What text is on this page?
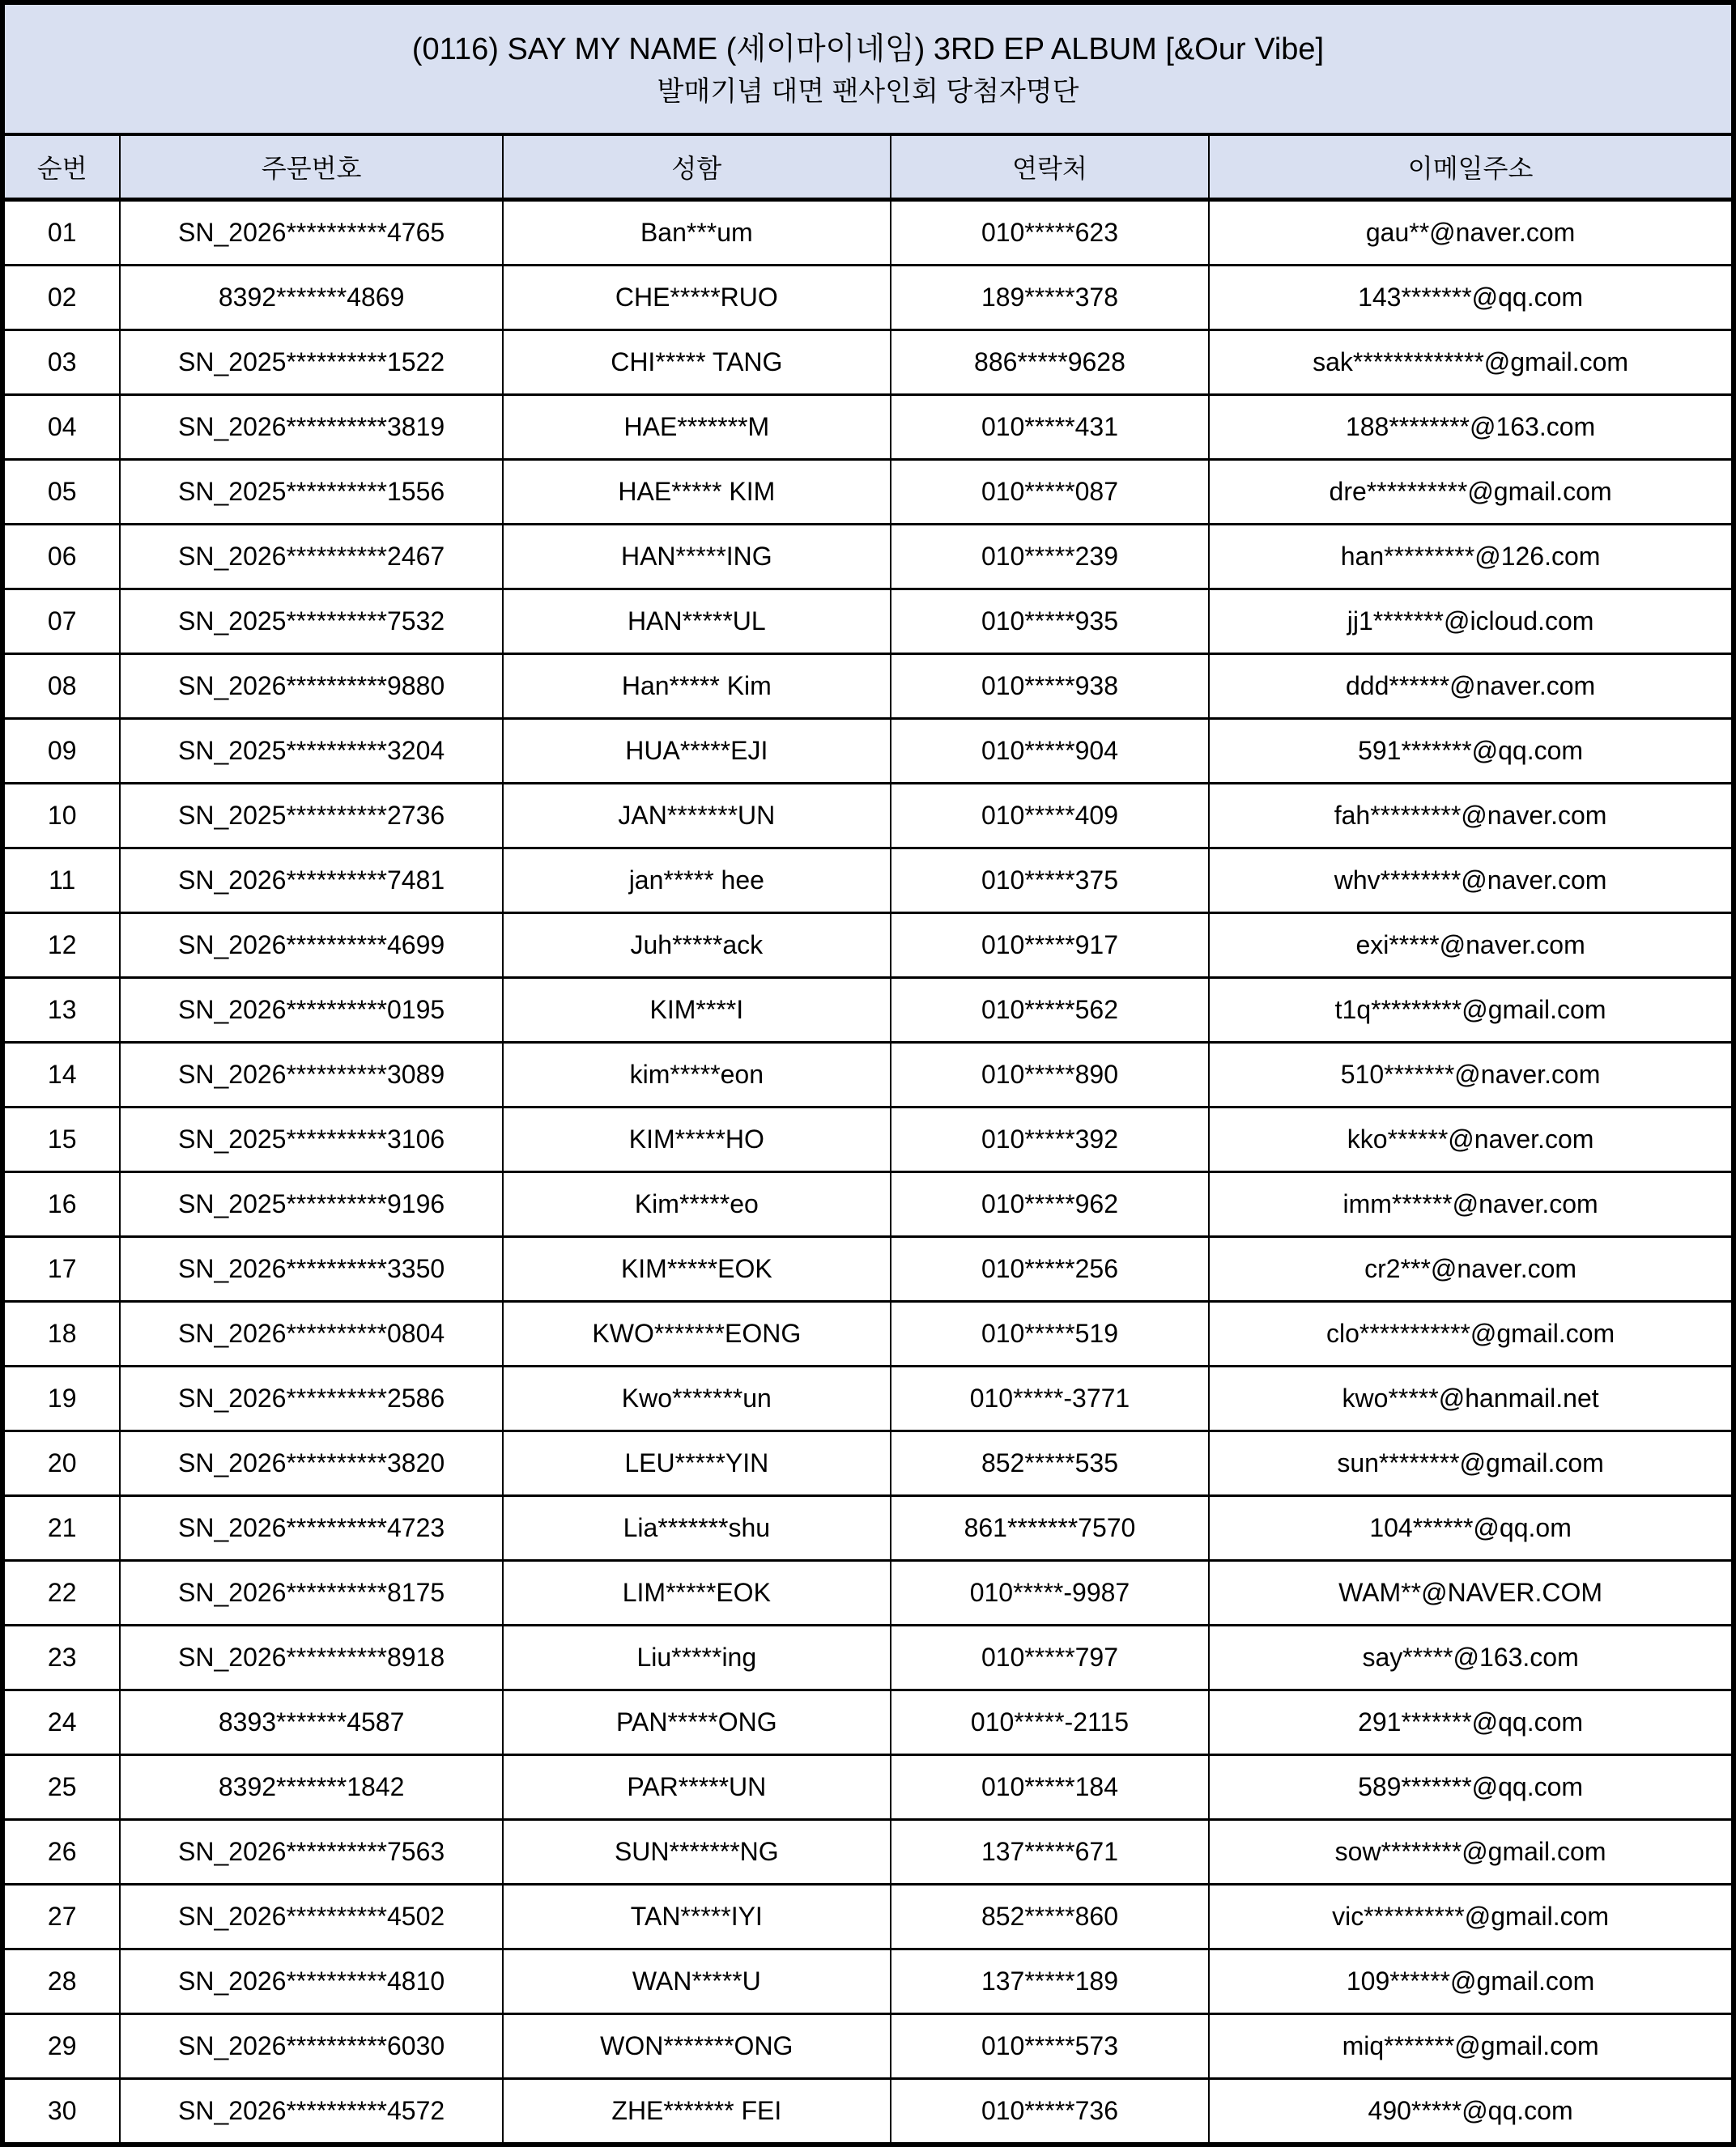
(0116) SAY MY NAME (세이마이네임) 3RD EP ALBUM [&Our Vibe]
발매기념 대면 팬사인회 당첨자명단				

순번	주문번호	성함	연락처	이메일주소
01	SN_2026**********4765	Ban***um	010*****623	gau**@naver.com
02	8392*******4869	CHE*****RUO	189*****378	143*******@qq.com
03	SN_2025**********1522	CHI***** TANG	886*****9628	sak*************@gmail.com
04	SN_2026**********3819	HAE*******M	010*****431	188********@163.com
05	SN_2025**********1556	HAE***** KIM	010*****087	dre**********@gmail.com
06	SN_2026**********2467	HAN*****ING	010*****239	han*********@126.com
07	SN_2025**********7532	HAN*****UL	010*****935	jj1*******@icloud.com
08	SN_2026**********9880	Han***** Kim	010*****938	ddd******@naver.com
09	SN_2025**********3204	HUA*****EJI	010*****904	591*******@qq.com
10	SN_2025**********2736	JAN*******UN	010*****409	fah*********@naver.com
11	SN_2026**********7481	jan***** hee	010*****375	whv********@naver.com
12	SN_2026**********4699	Juh*****ack	010*****917	exi*****@naver.com
13	SN_2026**********0195	KIM****I	010*****562	t1q*********@gmail.com
14	SN_2026**********3089	kim*****eon	010*****890	510*******@naver.com
15	SN_2025**********3106	KIM*****HO	010*****392	kko******@naver.com
16	SN_2025**********9196	Kim*****eo	010*****962	imm******@naver.com
17	SN_2026**********3350	KIM*****EOK	010*****256	cr2***@naver.com
18	SN_2026**********0804	KWO*******EONG	010*****519	clo***********@gmail.com
19	SN_2026**********2586	Kwo*******un	010*****-3771	kwo*****@hanmail.net
20	SN_2026**********3820	LEU*****YIN	852*****535	sun********@gmail.com
21	SN_2026**********4723	Lia*******shu	861*******7570	104******@qq.om
22	SN_2026**********8175	LIM*****EOK	010*****-9987	WAM**@NAVER.COM
23	SN_2026**********8918	Liu*****ing	010*****797	say*****@163.com
24	8393*******4587	PAN*****ONG	010*****-2115	291*******@qq.com
25	8392*******1842	PAR*****UN	010*****184	589*******@qq.com
26	SN_2026**********7563	SUN*******NG	137*****671	sow********@gmail.com
27	SN_2026**********4502	TAN*****IYI	852*****860	vic**********@gmail.com
28	SN_2026**********4810	WAN*****U	137*****189	109******@gmail.com
29	SN_2026**********6030	WON*******ONG	010*****573	miq*******@gmail.com
30	SN_2026**********4572	ZHE******* FEI	010*****736	490*****@qq.com
